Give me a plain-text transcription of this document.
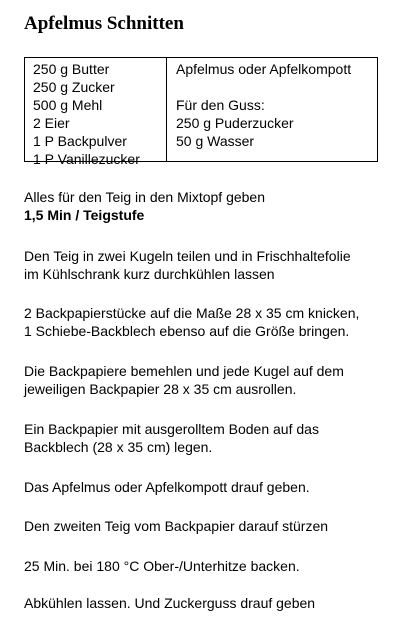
Apfelmus Schnitten
250 g Butter
250 g Zucker
500 g Mehl
2 Eier
1 P Backpulver
1 P Vanillezucker
Apfelmus oder Apfelkompott
Für den Guss:
250 g Puderzucker
50 g Wasser
Alles für den Teig in den Mixtopf geben
1,5 Min / Teigstufe
Den Teig in zwei Kugeln teilen und in Frischhaltefolie
im Kühlschrank kurz durchkühlen lassen
2 Backpapierstücke auf die Maße 28 x 35 cm knicken,
1 Schiebe-Backblech ebenso auf die Größe bringen.
Die Backpapiere bemehlen und jede Kugel auf dem
jeweiligen Backpapier 28 x 35 cm ausrollen.
Ein Backpapier mit ausgerolltem Boden auf das
Backblech (28 x 35 cm) legen.
Das Apfelmus oder Apfelkompott drauf geben.
Den zweiten Teig vom Backpapier darauf stürzen
25 Min. bei 180 °C Ober-/Unterhitze backen.
Abkühlen lassen. Und Zuckerguss drauf geben
